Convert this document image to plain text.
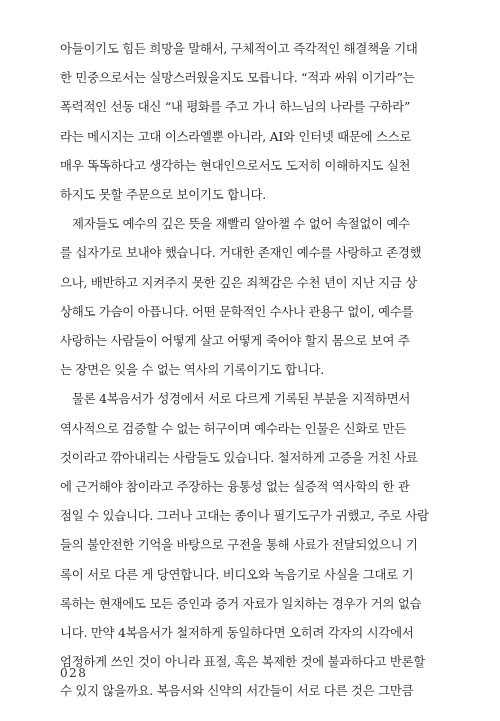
아들이기도 힘든 희망을 말해서, 구체적이고 즉각적인 해결책을 기대
한 민중으로서는 실망스러웠을지도 모릅니다. “적과 싸워 이기라”는
폭력적인 선동 대신 “내 평화를 주고 가니 하느님의 나라를 구하라”
라는 메시지는 고대 이스라엘뿐 아니라, AI와 인터넷 때문에 스스로
매우 똑똑하다고 생각하는 현대인으로서도 도저히 이해하지도 실천
하지도 못할 주문으로 보이기도 합니다.

제자들도 예수의 깊은 뜻을 재빨리 알아챌 수 없어 속절없이 예수
를 십자가로 보내야 했습니다. 거대한 존재인 예수를 사랑하고 존경했
으나, 배반하고 지켜주지 못한 깊은 죄책감은 수천 년이 지난 지금 상
상해도 가슴이 아픕니다. 어떤 문학적인 수사나 관용구 없이, 예수를
사랑하는 사람들이 어떻게 살고 어떻게 죽어야 할지 몸으로 보여 주
는 장면은 잊을 수 없는 역사의 기록이기도 합니다.

물론 4복음서가 성경에서 서로 다르게 기록된 부분을 지적하면서
역사적으로 검증할 수 없는 허구이며 예수라는 인물은 신화로 만든
것이라고 깎아내리는 사람들도 있습니다. 철저하게 고증을 거친 사료
에 근거해야 참이라고 주장하는 융통성 없는 실증적 역사학의 한 관
점일 수 있습니다. 그러나 고대는 종이나 필기도구가 귀했고, 주로 사람
들의 불안전한 기억을 바탕으로 구전을 통해 사료가 전달되었으니 기
록이 서로 다른 게 당연합니다. 비디오와 녹음기로 사실을 그대로 기
록하는 현재에도 모든 증인과 증거 자료가 일치하는 경우가 거의 없습
니다. 만약 4복음서가 철저하게 동일하다면 오히려 각자의 시각에서
엄정하게 쓰인 것이 아니라 표절, 혹은 복제한 것에 불과하다고 반론할
수 있지 않을까요. 복음서와 신약의 서간들이 서로 다른 것은 그만큼

028
